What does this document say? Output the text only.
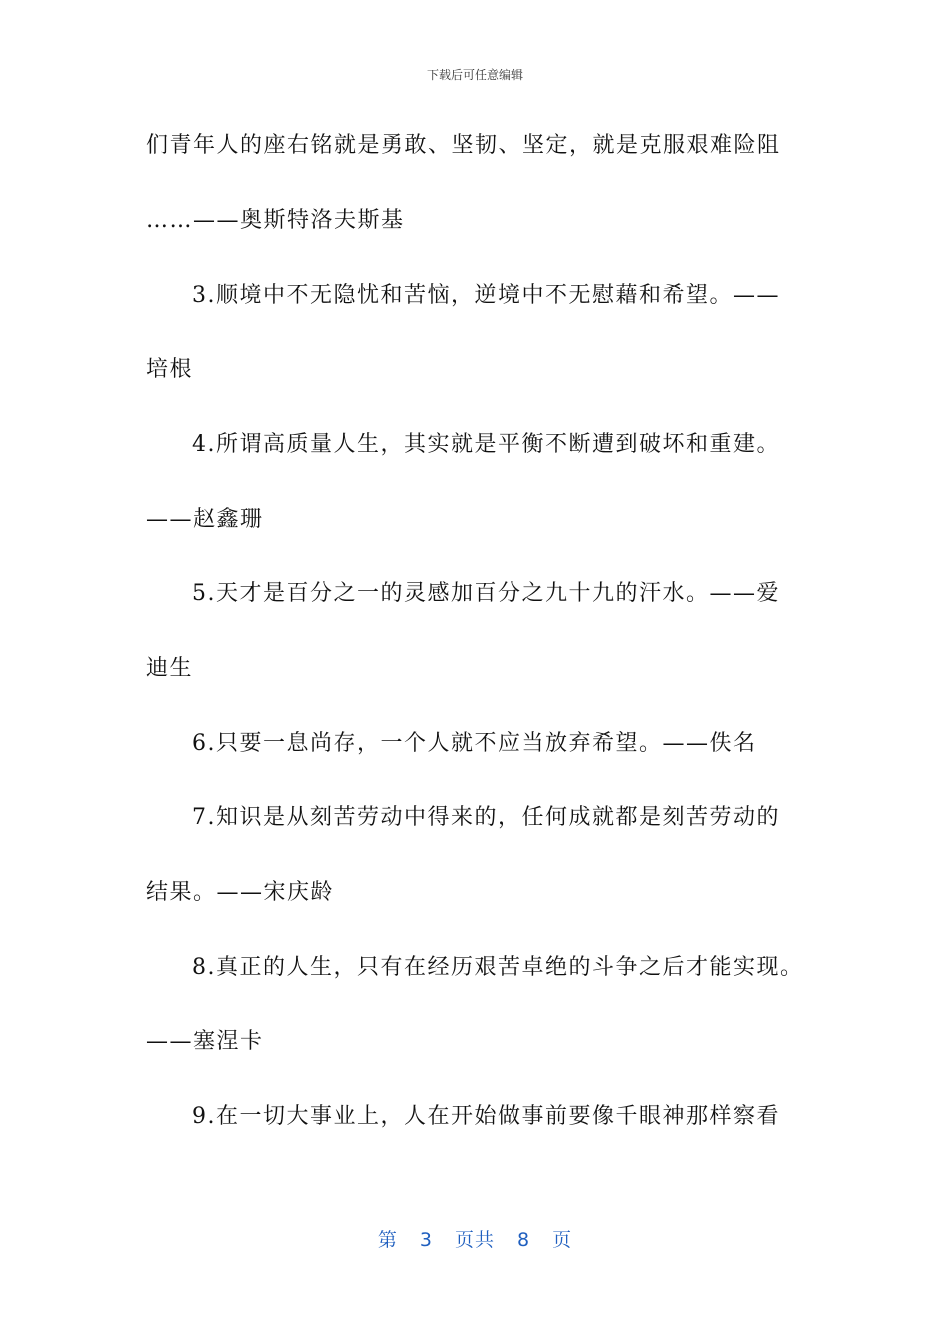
下载后可任意编辑
们青年人的座右铭就是勇敢、坚韧、坚定，就是克服艰难险阻
……——奥斯特洛夫斯基
3.顺境中不无隐忧和苦恼，逆境中不无慰藉和希望。——
培根
4.所谓高质量人生，其实就是平衡不断遭到破坏和重建。
——赵鑫珊
5.天才是百分之一的灵感加百分之九十九的汗水。——爱
迪生
6.只要一息尚存，一个人就不应当放弃希望。——佚名
7.知识是从刻苦劳动中得来的，任何成就都是刻苦劳动的
结果。——宋庆龄
8.真正的人生，只有在经历艰苦卓绝的斗争之后才能实现。
——塞涅卡
9.在一切大事业上，人在开始做事前要像千眼神那样察看
第 3 页共 8 页
